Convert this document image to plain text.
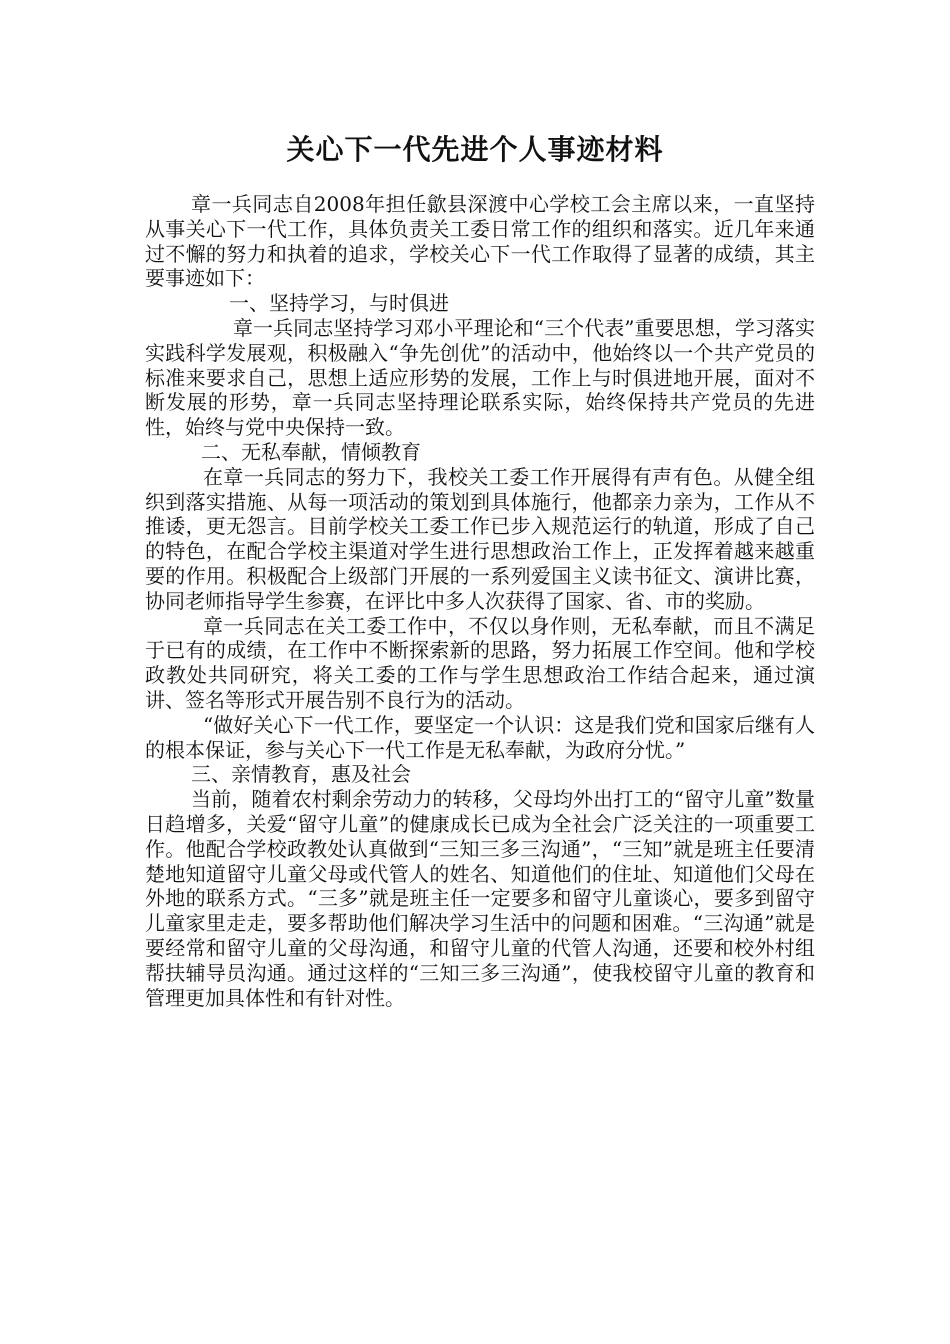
关心下一代先进个人事迹材料

章一兵同志自2008年担任歙县深渡中心学校工会主席以来，一直坚持从事关心下一代工作，具体负责关工委日常工作的组织和落实。近几年来通过不懈的努力和执着的追求，学校关心下一代工作取得了显著的成绩，其主要事迹如下：

一、坚持学习，与时俱进

章一兵同志坚持学习邓小平理论和“三个代表”重要思想，学习落实实践科学发展观，积极融入“争先创优”的活动中，他始终以一个共产党员的标准来要求自己，思想上适应形势的发展，工作上与时俱进地开展，面对不断发展的形势，章一兵同志坚持理论联系实际，始终保持共产党员的先进性，始终与党中央保持一致。

二、无私奉献，情倾教育

在章一兵同志的努力下，我校关工委工作开展得有声有色。从健全组织到落实措施、从每一项活动的策划到具体施行，他都亲力亲为，工作从不推诿，更无怨言。目前学校关工委工作已步入规范运行的轨道，形成了自己的特色，在配合学校主渠道对学生进行思想政治工作上，正发挥着越来越重要的作用。积极配合上级部门开展的一系列爱国主义读书征文、演讲比赛，协同老师指导学生参赛，在评比中多人次获得了国家、省、市的奖励。

章一兵同志在关工委工作中，不仅以身作则，无私奉献，而且不满足于已有的成绩，在工作中不断探索新的思路，努力拓展工作空间。他和学校政教处共同研究，将关工委的工作与学生思想政治工作结合起来，通过演讲、签名等形式开展告别不良行为的活动。

“做好关心下一代工作，要坚定一个认识：这是我们党和国家后继有人的根本保证，参与关心下一代工作是无私奉献，为政府分忧。”

三、亲情教育，惠及社会

当前，随着农村剩余劳动力的转移，父母均外出打工的“留守儿童”数量日趋增多，关爱“留守儿童”的健康成长已成为全社会广泛关注的一项重要工作。他配合学校政教处认真做到“三知三多三沟通”，“三知”就是班主任要清楚地知道留守儿童父母或代管人的姓名、知道他们的住址、知道他们父母在外地的联系方式。“三多”就是班主任一定要多和留守儿童谈心，要多到留守儿童家里走走，要多帮助他们解决学习生活中的问题和困难。“三沟通”就是要经常和留守儿童的父母沟通，和留守儿童的代管人沟通，还要和校外村组帮扶辅导员沟通。通过这样的“三知三多三沟通”，使我校留守儿童的教育和管理更加具体性和有针对性。
